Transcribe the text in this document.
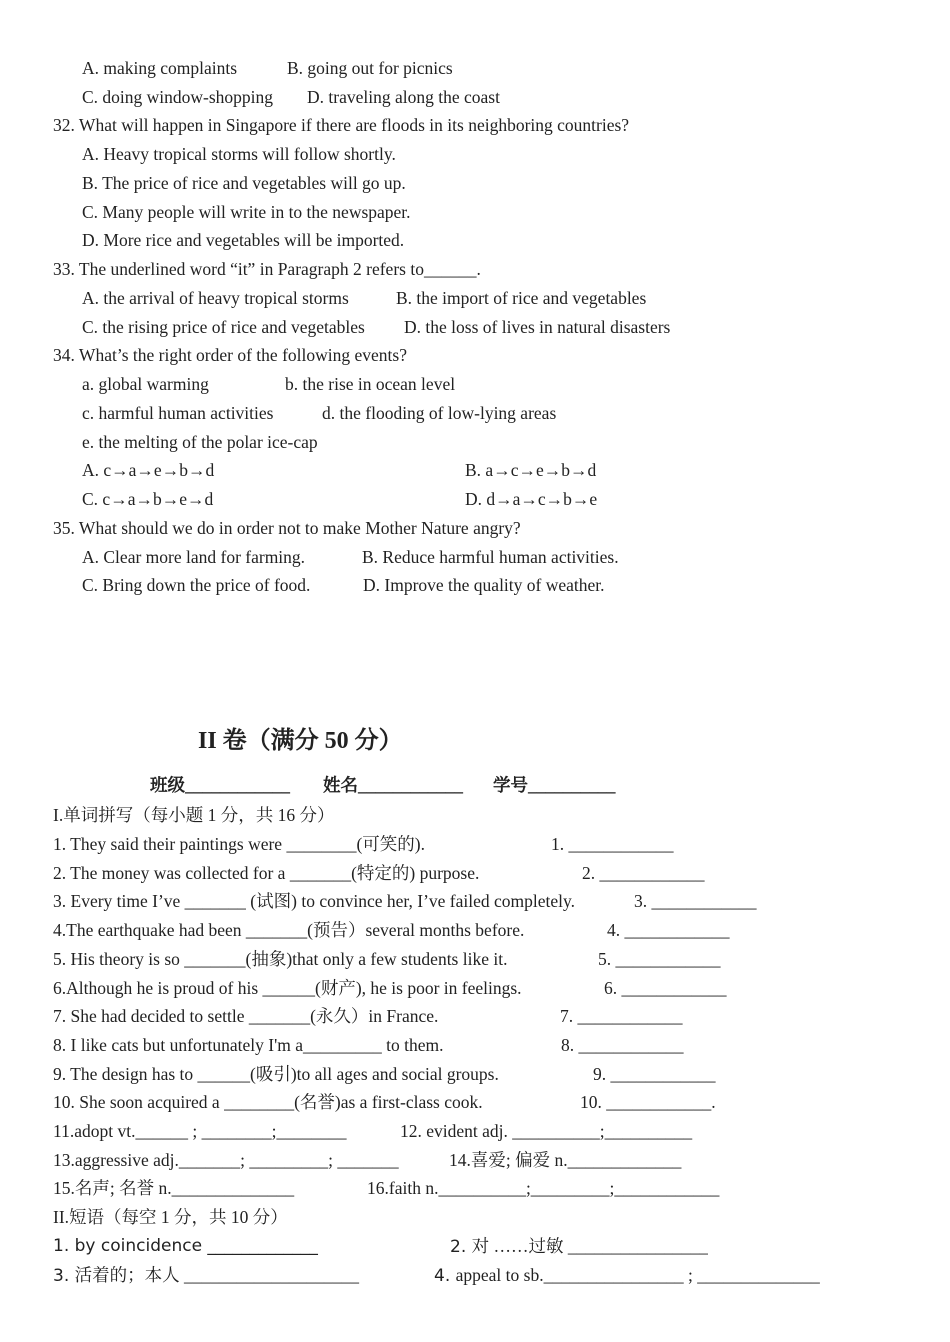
A. making complaints	B. going out for picnics
C. doing window-shopping D. traveling along the coast
32. What will happen in Singapore if there are floods in its neighboring countries?
A. Heavy tropical storms will follow shortly.
B. The price of rice and vegetables will go up.
C. Many people will write in to the newspaper.
D. More rice and vegetables will be imported.
33. The underlined word “it” in Paragraph 2 refers to______.
A. the arrival of heavy tropical storms	B. the import of rice and vegetables
C. the rising price of rice and vegetables D. the loss of lives in natural disasters
34. What’s the right order of the following events?
a. global warming	b. the rise in ocean level
c. harmful human activities	d. the flooding of low-lying areas
e. the melting of the polar ice-cap
A. c→a→e→b→d	B. a→c→e→b→d
C. c→a→b→e→d	D. d→a→c→b→e
35. What should we do in order not to make Mother Nature angry?
A. Clear more land for farming.	B. Reduce harmful human activities.
C. Bring down the price of food.	D. Improve the quality of weather.
II 卷（满分 50 分）
班级____________ 姓名____________ 学号__________
I.单词拼写（每小题 1 分，共 16 分）
1. They said their paintings were ________(可笑的).	1. ____________
2. The money was collected for a _______(特定的) purpose.	2. ____________
3. Every time I’ve _______ (试图) to convince her, I’ve failed completely.	3. ____________
4.The earthquake had been _______(预告）several months before.	4. ____________
5. His theory is so _______(抽象)that only a few students like it.	5. ____________
6.Although he is proud of his ______(财产), he is poor in feelings.	6. ____________
7. She had decided to settle _______(永久）in France.	7. ____________
8. I like cats but unfortunately I'm a_________ to them.	8. ____________
9. The design has to ______(吸引)to all ages and social groups.	9. ____________
10. She soon acquired a ________(名誉)as a first-class cook.	10. ____________.
11.adopt vt.______ ; ________;________	12. evident adj. __________;__________
13.aggressive adj._______; _________; _______	14.喜爱; 偏爱 n._____________
15.名声; 名誉 n.______________	16.faith n.__________;_________;____________
II.短语（每空 1 分，共 10 分）
1. by coincidence _____________	2. 对 ……过敏 ________________
3. 活着的；本人 ____________________	4. appeal to sb.________________ ; ______________
